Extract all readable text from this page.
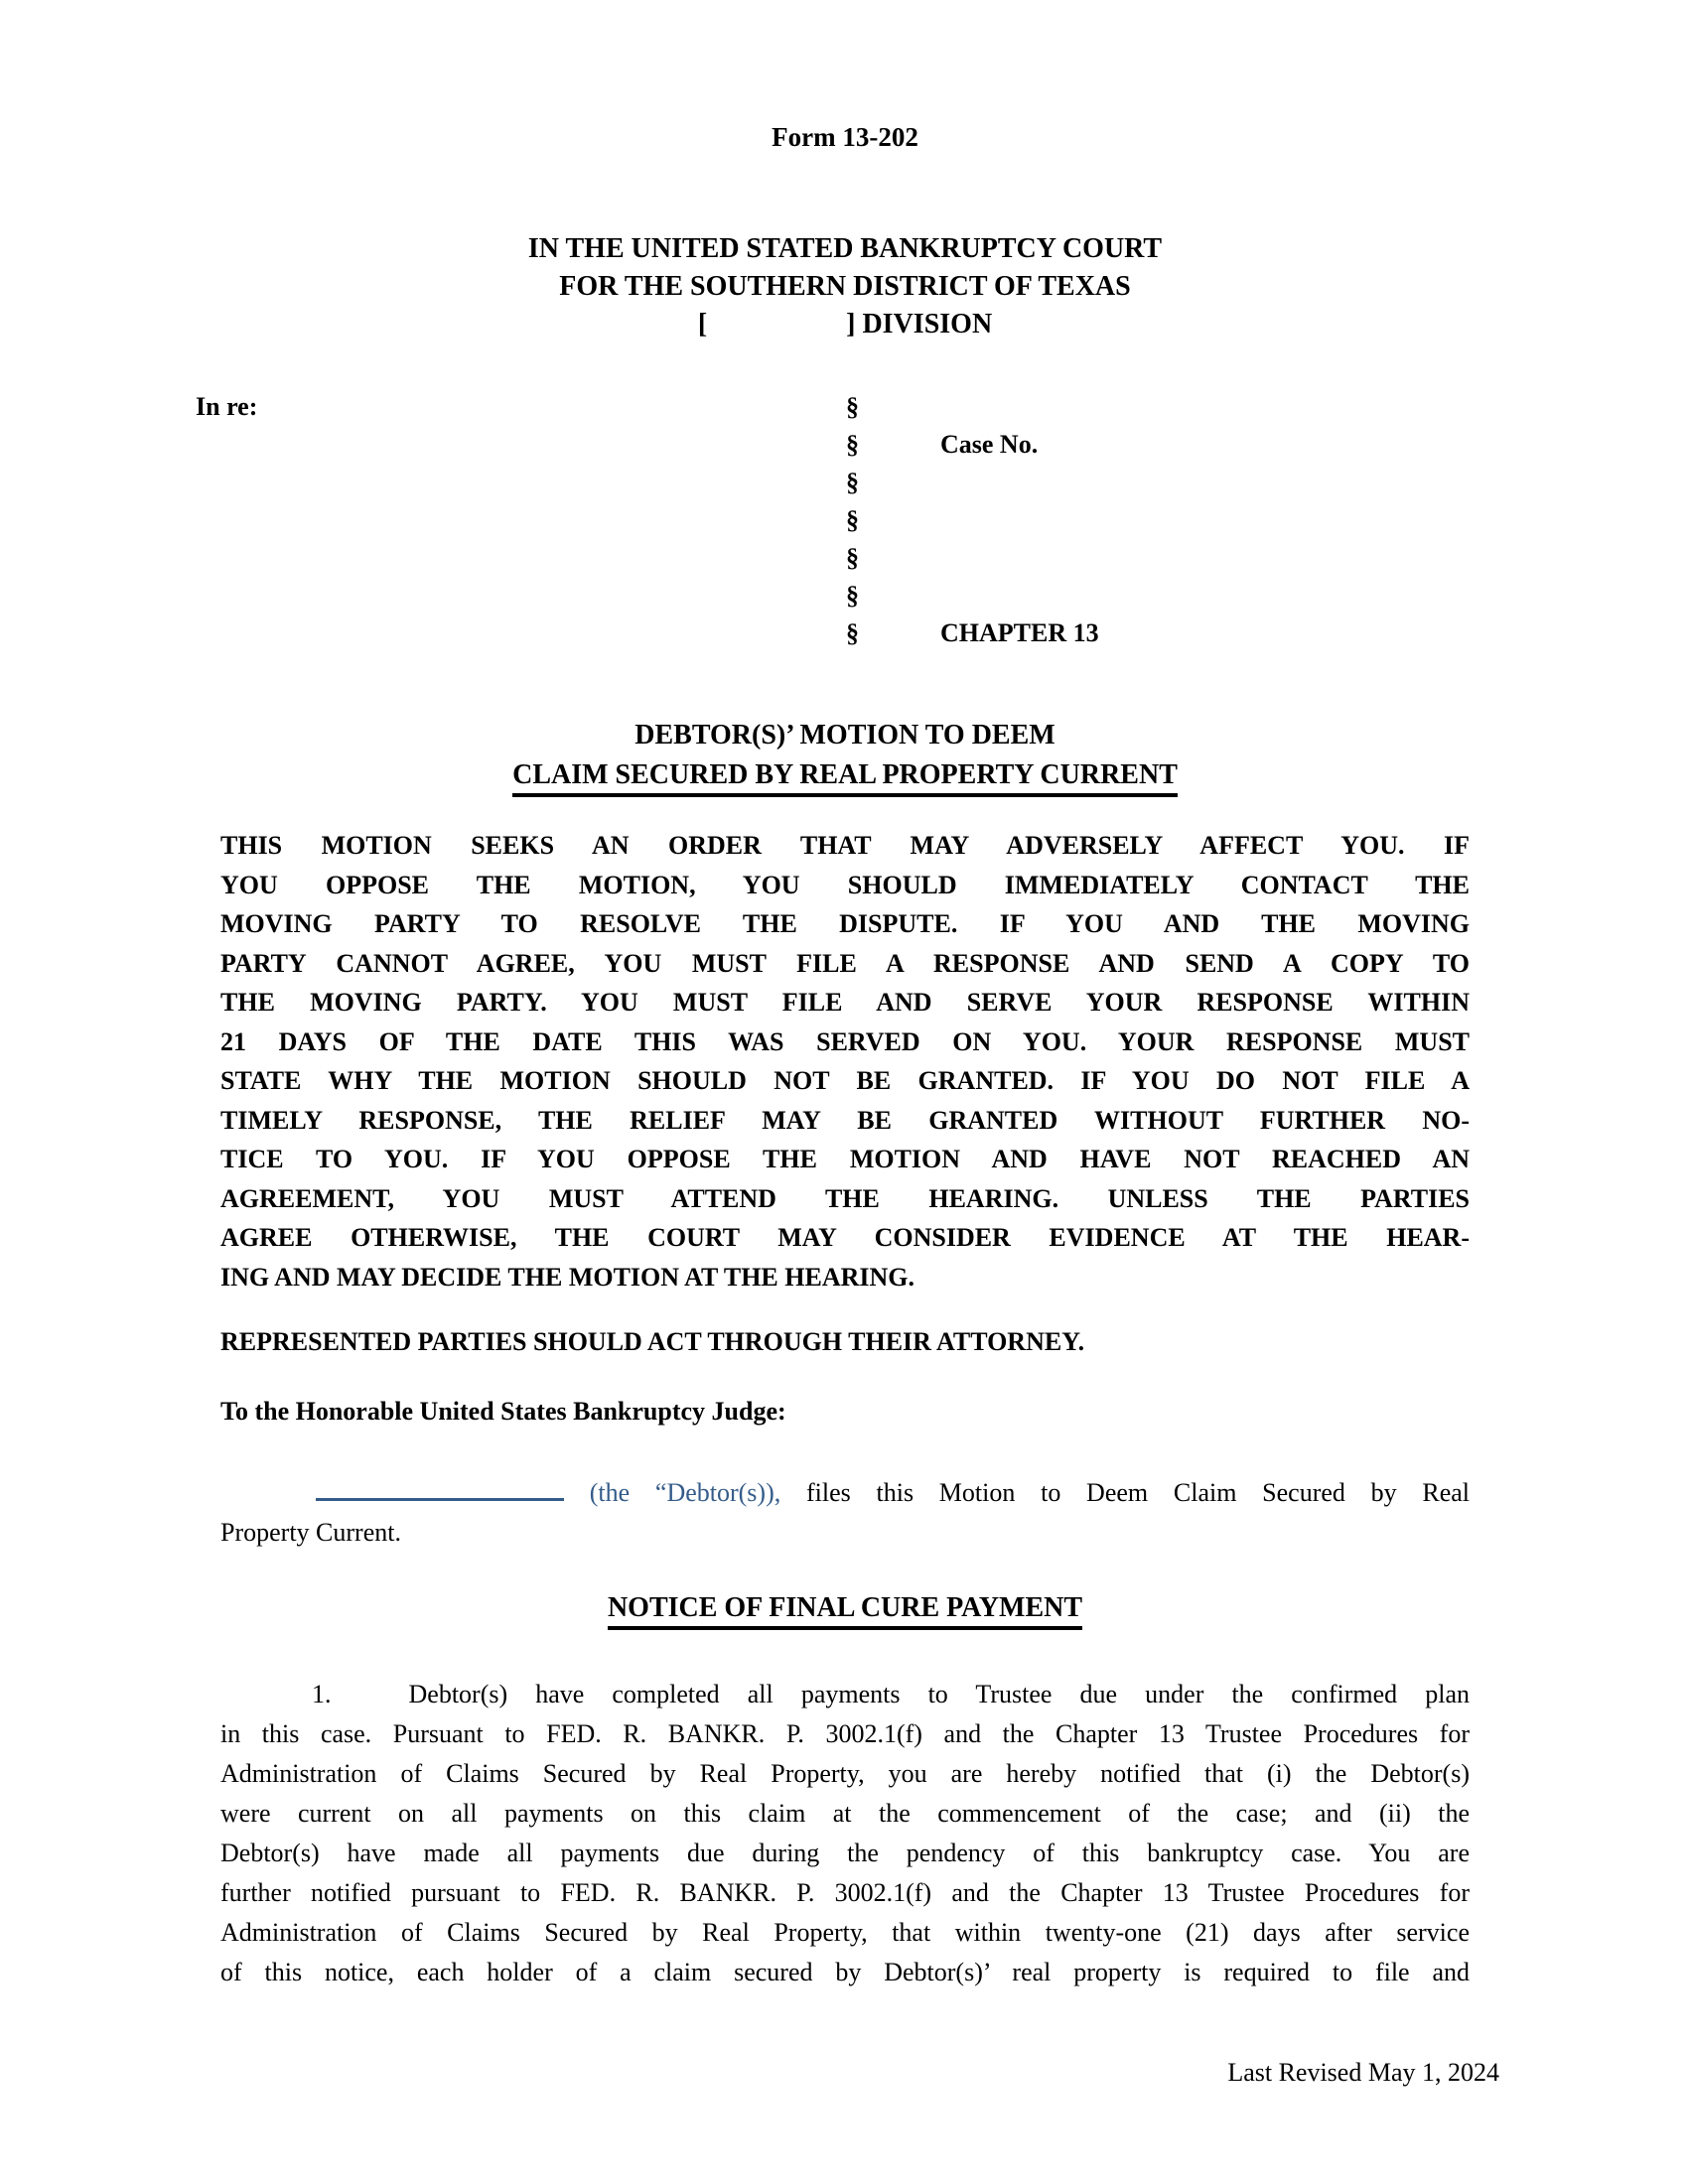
Form 13-202
IN THE UNITED STATED BANKRUPTCY COURT
FOR THE SOUTHERN DISTRICT OF TEXAS
[                    ] DIVISION
In re:	§
§	Case No.
§
§
§
§
§	CHAPTER 13
DEBTOR(S)’ MOTION TO DEEM
CLAIM SECURED BY REAL PROPERTY CURRENT
THIS MOTION SEEKS AN ORDER THAT MAY ADVERSELY AFFECT YOU. IF
YOU OPPOSE THE MOTION, YOU SHOULD IMMEDIATELY CONTACT THE
MOVING PARTY TO RESOLVE THE DISPUTE. IF YOU AND THE MOVING
PARTY CANNOT AGREE, YOU MUST FILE A RESPONSE AND SEND A COPY TO
THE MOVING PARTY. YOU MUST FILE AND SERVE YOUR RESPONSE WITHIN
21 DAYS OF THE DATE THIS WAS SERVED ON YOU. YOUR RESPONSE MUST
STATE WHY THE MOTION SHOULD NOT BE GRANTED. IF YOU DO NOT FILE A
TIMELY RESPONSE, THE RELIEF MAY BE GRANTED WITHOUT FURTHER NO-
TICE TO YOU. IF YOU OPPOSE THE MOTION AND HAVE NOT REACHED AN
AGREEMENT, YOU MUST ATTEND THE HEARING. UNLESS THE PARTIES
AGREE OTHERWISE, THE COURT MAY CONSIDER EVIDENCE AT THE HEAR-
ING AND MAY DECIDE THE MOTION AT THE HEARING.
REPRESENTED PARTIES SHOULD ACT THROUGH THEIR ATTORNEY.
To the Honorable United States Bankruptcy Judge:
(the “Debtor(s)), files this Motion to Deem Claim Secured by Real
Property Current.
NOTICE OF FINAL CURE PAYMENT
1.   Debtor(s) have completed all payments to Trustee due under the confirmed plan
in this case. Pursuant to FED. R. BANKR. P. 3002.1(f) and the Chapter 13 Trustee Procedures for
Administration of Claims Secured by Real Property, you are hereby notified that (i) the Debtor(s)
were current on all payments on this claim at the commencement of the case; and (ii) the
Debtor(s) have made all payments due during the pendency of this bankruptcy case. You are
further notified pursuant to FED. R. BANKR. P. 3002.1(f) and the Chapter 13 Trustee Procedures for
Administration of Claims Secured by Real Property, that within twenty-one (21) days after service
of this notice, each holder of a claim secured by Debtor(s)’ real property is required to file and
Last Revised May 1, 2024
